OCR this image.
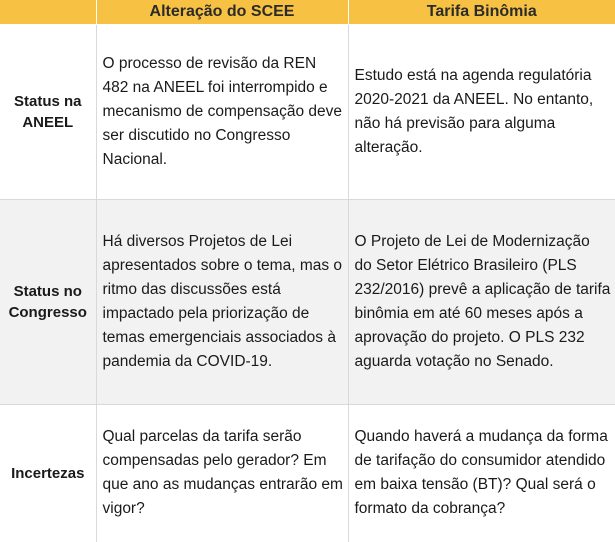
	Alteração do SCEE	Tarifa Binômia
Status na ANEEL	O processo de revisão da REN 482 na ANEEL foi interrompido e mecanismo de compensação deve ser discutido no Congresso Nacional.	Estudo está na agenda regulatória 2020-2021 da ANEEL. No entanto, não há previsão para alguma alteração.
Status no Congresso	Há diversos Projetos de Lei apresentados sobre o tema, mas o ritmo das discussões está impactado pela priorização de temas emergenciais associados à pandemia da COVID-19.	O Projeto de Lei de Modernização do Setor Elétrico Brasileiro (PLS 232/2016) prevê a aplicação de tarifa binômia em até 60 meses após a aprovação do projeto. O PLS 232 aguarda votação no Senado.
Incertezas	Qual parcelas da tarifa serão compensadas pelo gerador? Em que ano as mudanças entrarão em vigor?	Quando haverá a mudança da forma de tarifação do consumidor atendido em baixa tensão (BT)? Qual será o formato da cobrança?
